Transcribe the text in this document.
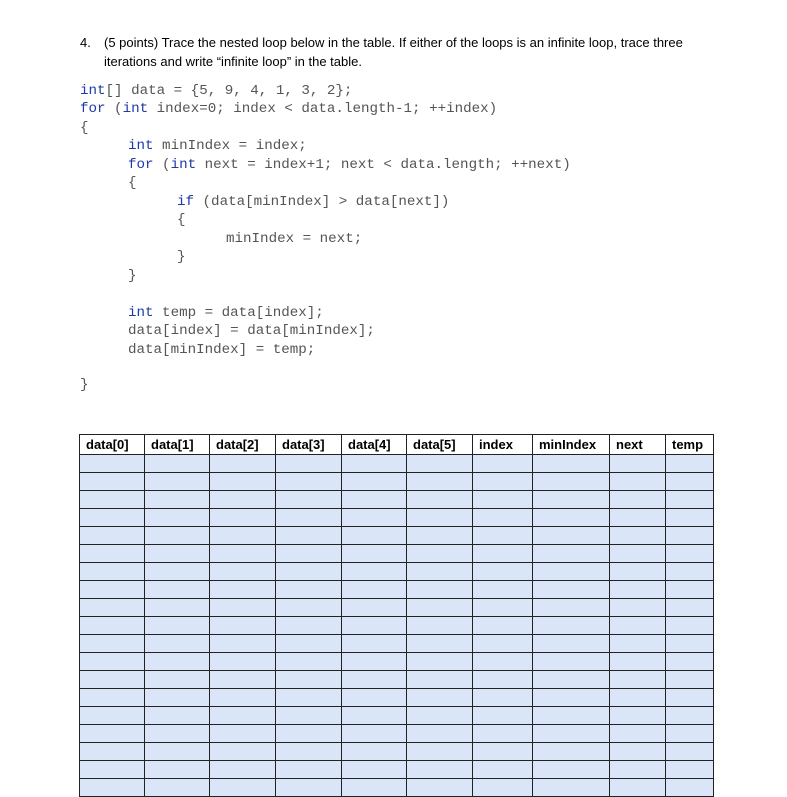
4. (5 points) Trace the nested loop below in the table. If either of the loops is an infinite loop, trace three iterations and write “infinite loop” in the table.
int[] data = {5, 9, 4, 1, 3, 2};
for (int index=0; index < data.length-1; ++index)
{
int minIndex = index;
for (int next = index+1; next < data.length; ++next)
{
if (data[minIndex] > data[next])
{
minIndex = next;
}
}
int temp = data[index];
data[index] = data[minIndex];
data[minIndex] = temp;
}
data[0]	data[1]	data[2]	data[3]	data[4]	data[5]	index	minIndex	next	temp
